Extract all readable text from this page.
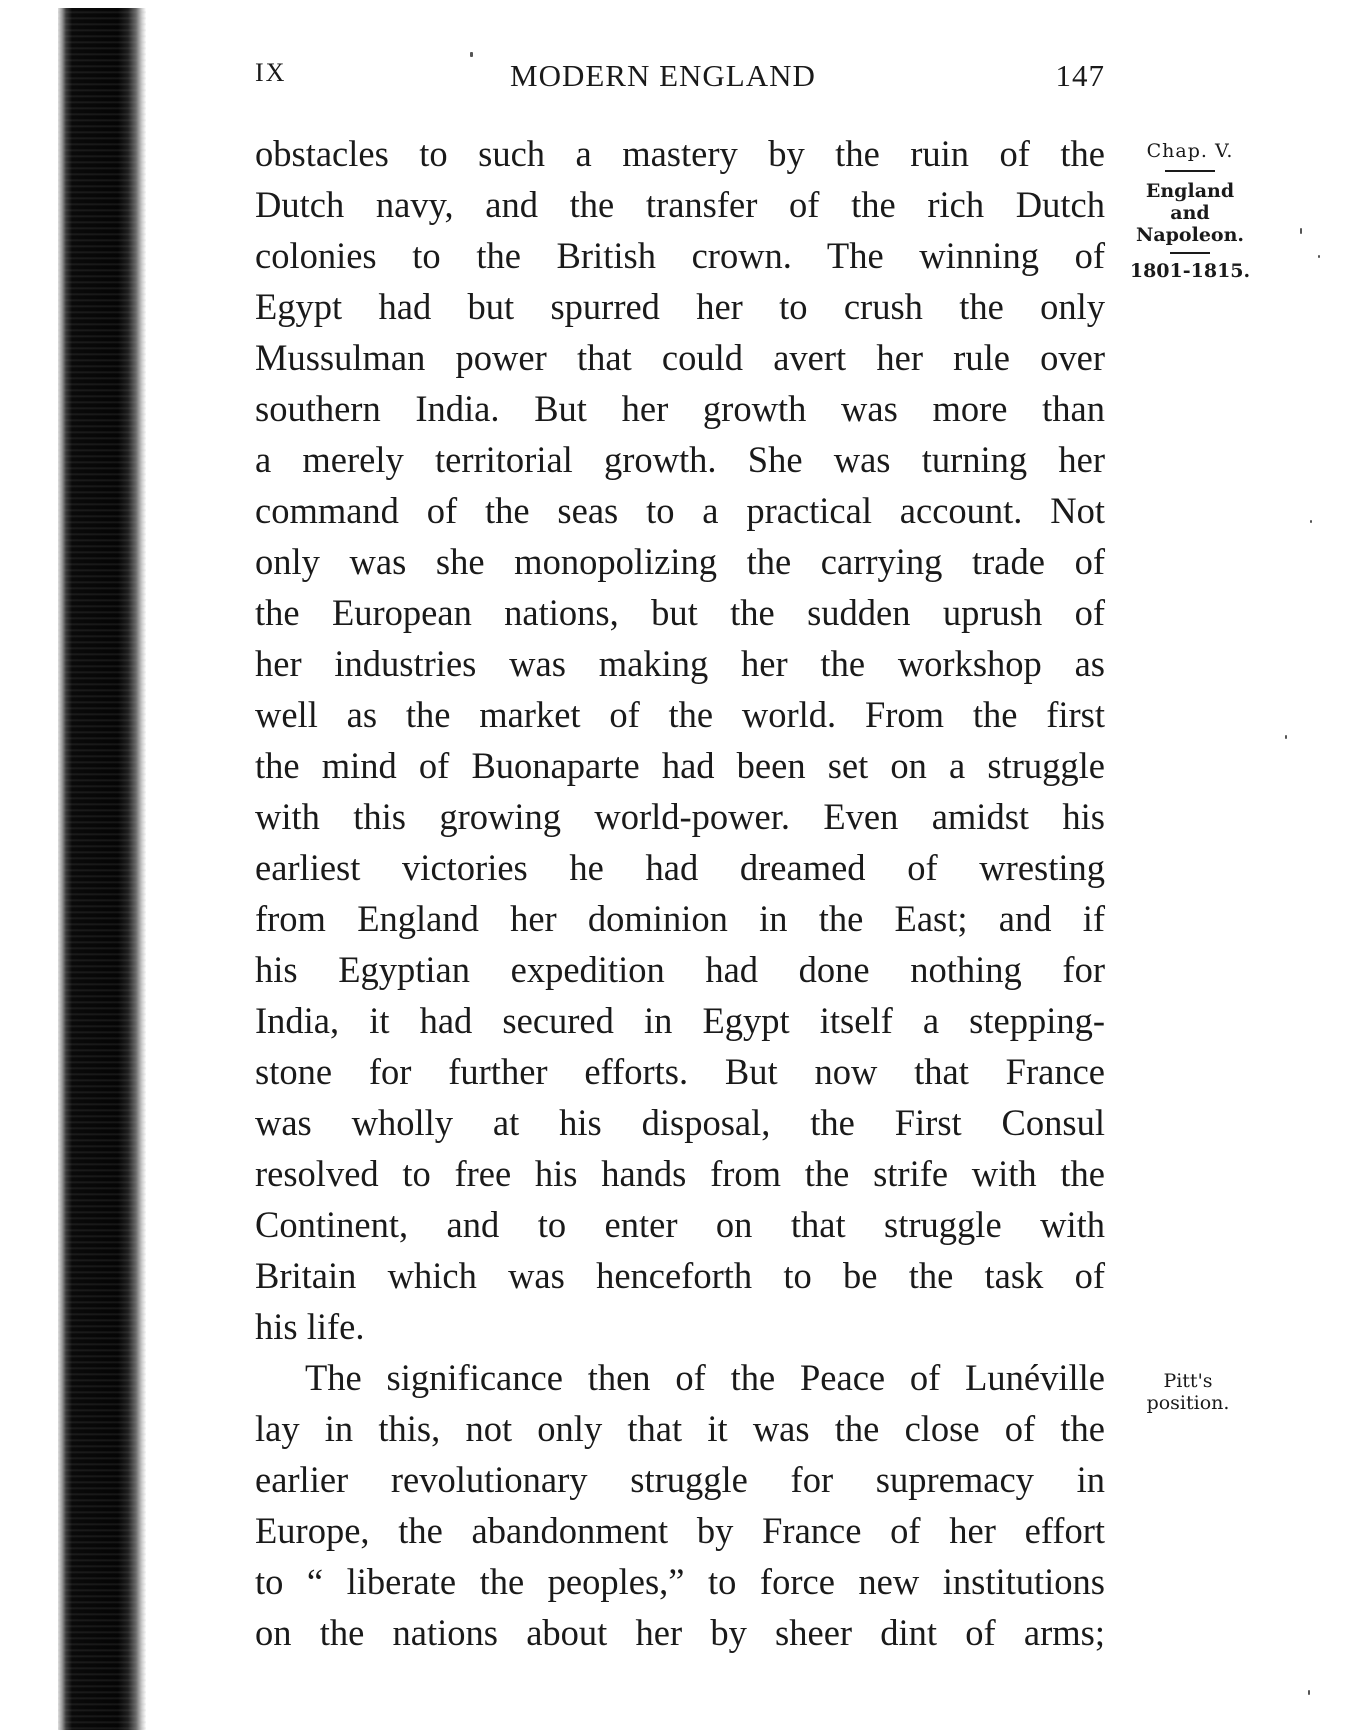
IX	MODERN ENGLAND	147
obstacles to such a mastery by the ruin of the
Dutch navy, and the transfer of the rich Dutch
colonies to the British crown. The winning of
Egypt had but spurred her to crush the only
Mussulman power that could avert her rule over
southern India. But her growth was more than
a merely territorial growth. She was turning her
command of the seas to a practical account. Not
only was she monopolizing the carrying trade of
the European nations, but the sudden uprush of
her industries was making her the workshop as
well as the market of the world. From the first
the mind of Buonaparte had been set on a struggle
with this growing world-power. Even amidst his
earliest victories he had dreamed of wresting
from England her dominion in the East; and if
his Egyptian expedition had done nothing for
India, it had secured in Egypt itself a stepping-
stone for further efforts. But now that France
was wholly at his disposal, the First Consul
resolved to free his hands from the strife with the
Continent, and to enter on that struggle with
Britain which was henceforth to be the task of
his life.
The significance then of the Peace of Lunéville
lay in this, not only that it was the close of the
earlier revolutionary struggle for supremacy in
Europe, the abandonment by France of her effort
to “ liberate the peoples,” to force new institutions
on the nations about her by sheer dint of arms;
Chap. V.
England
and
Napoleon.
1801-1815.
Pitt's
position.
